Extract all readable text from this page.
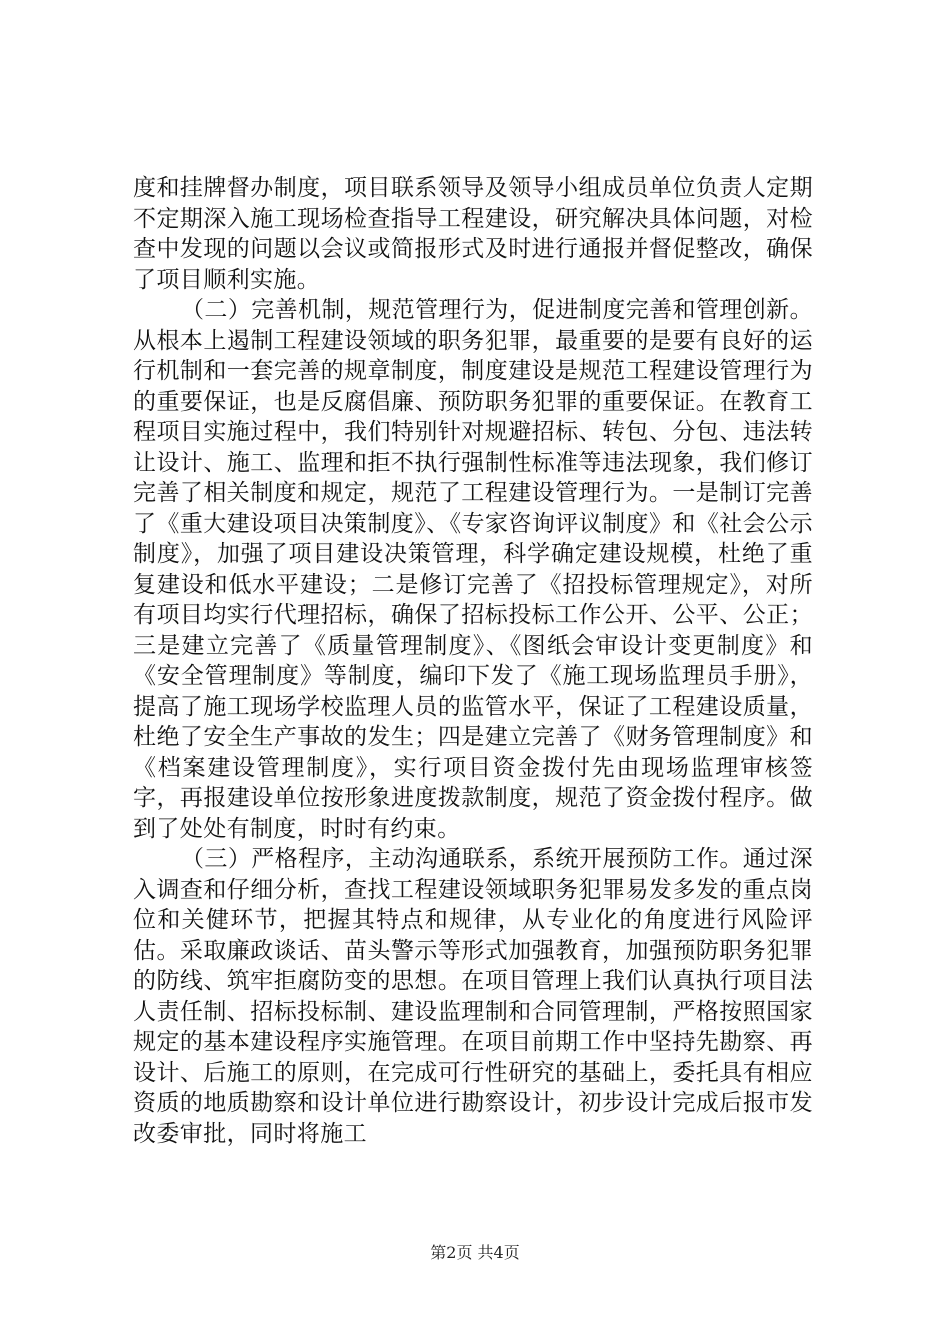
度和挂牌督办制度，项目联系领导及领导小组成员单位负责人定期不定期深入施工现场检查指导工程建设，研究解决具体问题，对检查中发现的问题以会议或简报形式及时进行通报并督促整改，确保了项目顺利实施。

（二）完善机制，规范管理行为，促进制度完善和管理创新。从根本上遏制工程建设领域的职务犯罪，最重要的是要有良好的运行机制和一套完善的规章制度，制度建设是规范工程建设管理行为的重要保证，也是反腐倡廉、预防职务犯罪的重要保证。在教育工程项目实施过程中，我们特别针对规避招标、转包、分包、违法转让设计、施工、监理和拒不执行强制性标准等违法现象，我们修订完善了相关制度和规定，规范了工程建设管理行为。一是制订完善了《重大建设项目决策制度》、《专家咨询评议制度》和《社会公示制度》，加强了项目建设决策管理，科学确定建设规模，杜绝了重复建设和低水平建设；二是修订完善了《招投标管理规定》，对所有项目均实行代理招标，确保了招标投标工作公开、公平、公正；三是建立完善了《质量管理制度》、《图纸会审设计变更制度》和《安全管理制度》等制度，编印下发了《施工现场监理员手册》，提高了施工现场学校监理人员的监管水平，保证了工程建设质量，杜绝了安全生产事故的发生；四是建立完善了《财务管理制度》和《档案建设管理制度》，实行项目资金拨付先由现场监理审核签字，再报建设单位按形象进度拨款制度，规范了资金拨付程序。做到了处处有制度，时时有约束。

（三）严格程序，主动沟通联系，系统开展预防工作。通过深入调查和仔细分析，查找工程建设领域职务犯罪易发多发的重点岗位和关健环节，把握其特点和规律，从专业化的角度进行风险评估。采取廉政谈话、苗头警示等形式加强教育，加强预防职务犯罪的防线、筑牢拒腐防变的思想。在项目管理上我们认真执行项目法人责任制、招标投标制、建设监理制和合同管理制，严格按照国家规定的基本建设程序实施管理。在项目前期工作中坚持先勘察、再设计、后施工的原则，在完成可行性研究的基础上，委托具有相应资质的地质勘察和设计单位进行勘察设计，初步设计完成后报市发改委审批，同时将施工

第2页 共4页
